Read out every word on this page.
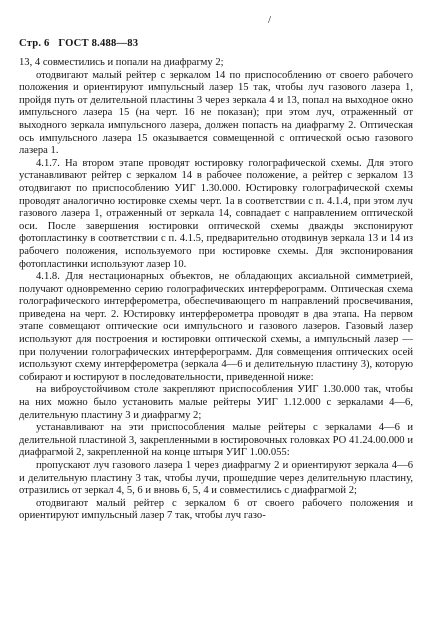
/
Стр. 6 ГОСТ 8.488—83

13, 4 совместились и попали на диафрагму 2;

отодвигают малый рейтер с зеркалом 14 по приспособлению от своего рабочего положения и ориентируют импульсный лазер 15 так, чтобы луч газового лазера 1, пройдя путь от делительной пластины 3 через зеркала 4 и 13, попал на выходное окно импульсного лазера 15 (на черт. 16 не показан); при этом луч, отраженный от выходного зеркала импульсного лазера, должен попасть на диафрагму 2. Оптическая ось импульсного лазера 15 оказывается совмещенной с оптической осью газового лазера 1.

4.1.7. На втором этапе проводят юстировку голографической схемы. Для этого устанавливают рейтер с зеркалом 14 в рабочее положение, а рейтер с зеркалом 13 отодвигают по приспособлению УИГ 1.30.000. Юстировку голографической схемы проводят аналогично юстировке схемы черт. 1а в соответствии с п. 4.1.4, при этом луч газового лазера 1, отраженный от зеркала 14, совпадает с направлением оптической оси. После завершения юстировки оптической схемы дважды экспонируют фотопластинку в соответствии с п. 4.1.5, предварительно отодвинув зеркала 13 и 14 из рабочего положения, используемого при юстировке схемы. Для экспонирования фотопластинки используют лазер 10.

4.1.8. Для нестационарных объектов, не обладающих аксиальной симметрией, получают одновременно серию голографических интерферограмм. Оптическая схема голографического интерферометра, обеспечивающего m направлений просвечивания, приведена на черт. 2. Юстировку интерферометра проводят в два этапа. На первом этапе совмещают оптические оси импульсного и газового лазеров. Газовый лазер используют для построения и юстировки оптической схемы, а импульсный лазер — при получении голографических интерферограмм. Для совмещения оптических осей используют схему интерферометра (зеркала 4—6 и делительную пластину 3), которую собирают и юстируют в последовательности, приведенной ниже:

на виброустойчивом столе закрепляют приспособления УИГ 1.30.000 так, чтобы на них можно было установить малые рейтеры УИГ 1.12.000 с зеркалами 4—6, делительную пластину 3 и диафрагму 2;

устанавливают на эти приспособления малые рейтеры с зеркалами 4—6 и делительной пластиной 3, закрепленными в юстировочных головках РО 41.24.00.000 и диафрагмой 2, закрепленной на конце штыря УИГ 1.00.055:

пропускают луч газового лазера 1 через диафрагму 2 и ориентируют зеркала 4—6 и делительную пластину 3 так, чтобы лучи, прошедшие через делительную пластину, отразились от зеркал 4, 5, 6 и вновь 6, 5, 4 и совместились с диафрагмой 2;

отодвигают малый рейтер с зеркалом 6 от своего рабочего положения и ориентируют импульсный лазер 7 так, чтобы луч газо-
